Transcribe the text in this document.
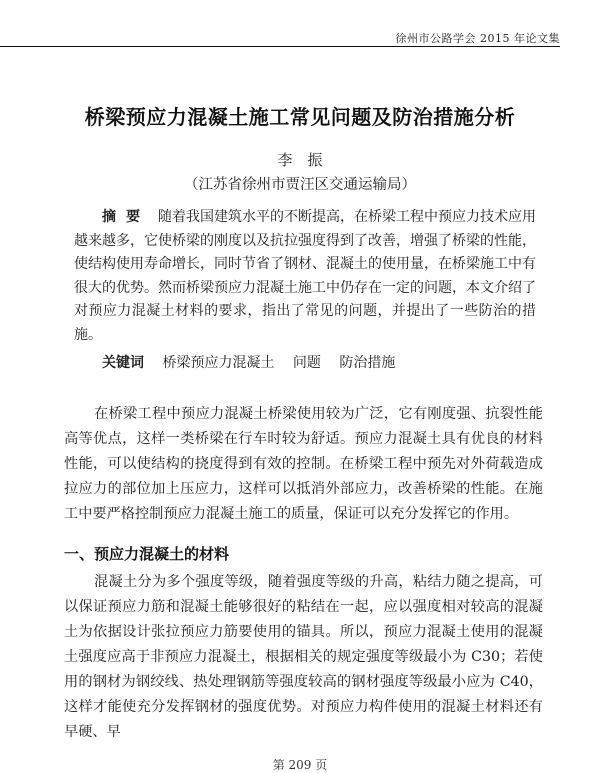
徐州市公路学会 2015 年论文集
桥梁预应力混凝土施工常见问题及防治措施分析
李　振
（江苏省徐州市贾汪区交通运输局）
摘要 随着我国建筑水平的不断提高，在桥梁工程中预应力技术应用越来越多，它使桥梁的刚度以及抗拉强度得到了改善，增强了桥梁的性能，使结构使用寿命增长，同时节省了钢材、混凝土的使用量，在桥梁施工中有很大的优势。然而桥梁预应力混凝土施工中仍存在一定的问题，本文介绍了对预应力混凝土材料的要求，指出了常见的问题，并提出了一些防治的措施。
关键词 桥梁预应力混凝土 问题 防治措施
在桥梁工程中预应力混凝土桥梁使用较为广泛，它有刚度强、抗裂性能高等优点，这样一类桥梁在行车时较为舒适。预应力混凝土具有优良的材料性能，可以使结构的挠度得到有效的控制。在桥梁工程中预先对外荷载造成拉应力的部位加上压应力，这样可以抵消外部应力，改善桥梁的性能。在施工中要严格控制预应力混凝土施工的质量，保证可以充分发挥它的作用。
一、预应力混凝土的材料
混凝土分为多个强度等级，随着强度等级的升高，粘结力随之提高，可以保证预应力筋和混凝土能够很好的粘结在一起，应以强度相对较高的混凝土为依据设计张拉预应力筋要使用的锚具。所以，预应力混凝土使用的混凝土强度应高于非预应力混凝土，根据相关的规定强度等级最小为 C30；若使用的钢材为钢绞线、热处理钢筋等强度较高的钢材强度等级最小应为 C40，这样才能使充分发挥钢材的强度优势。对预应力构件使用的混凝土材料还有早硬、早
第 209 页
